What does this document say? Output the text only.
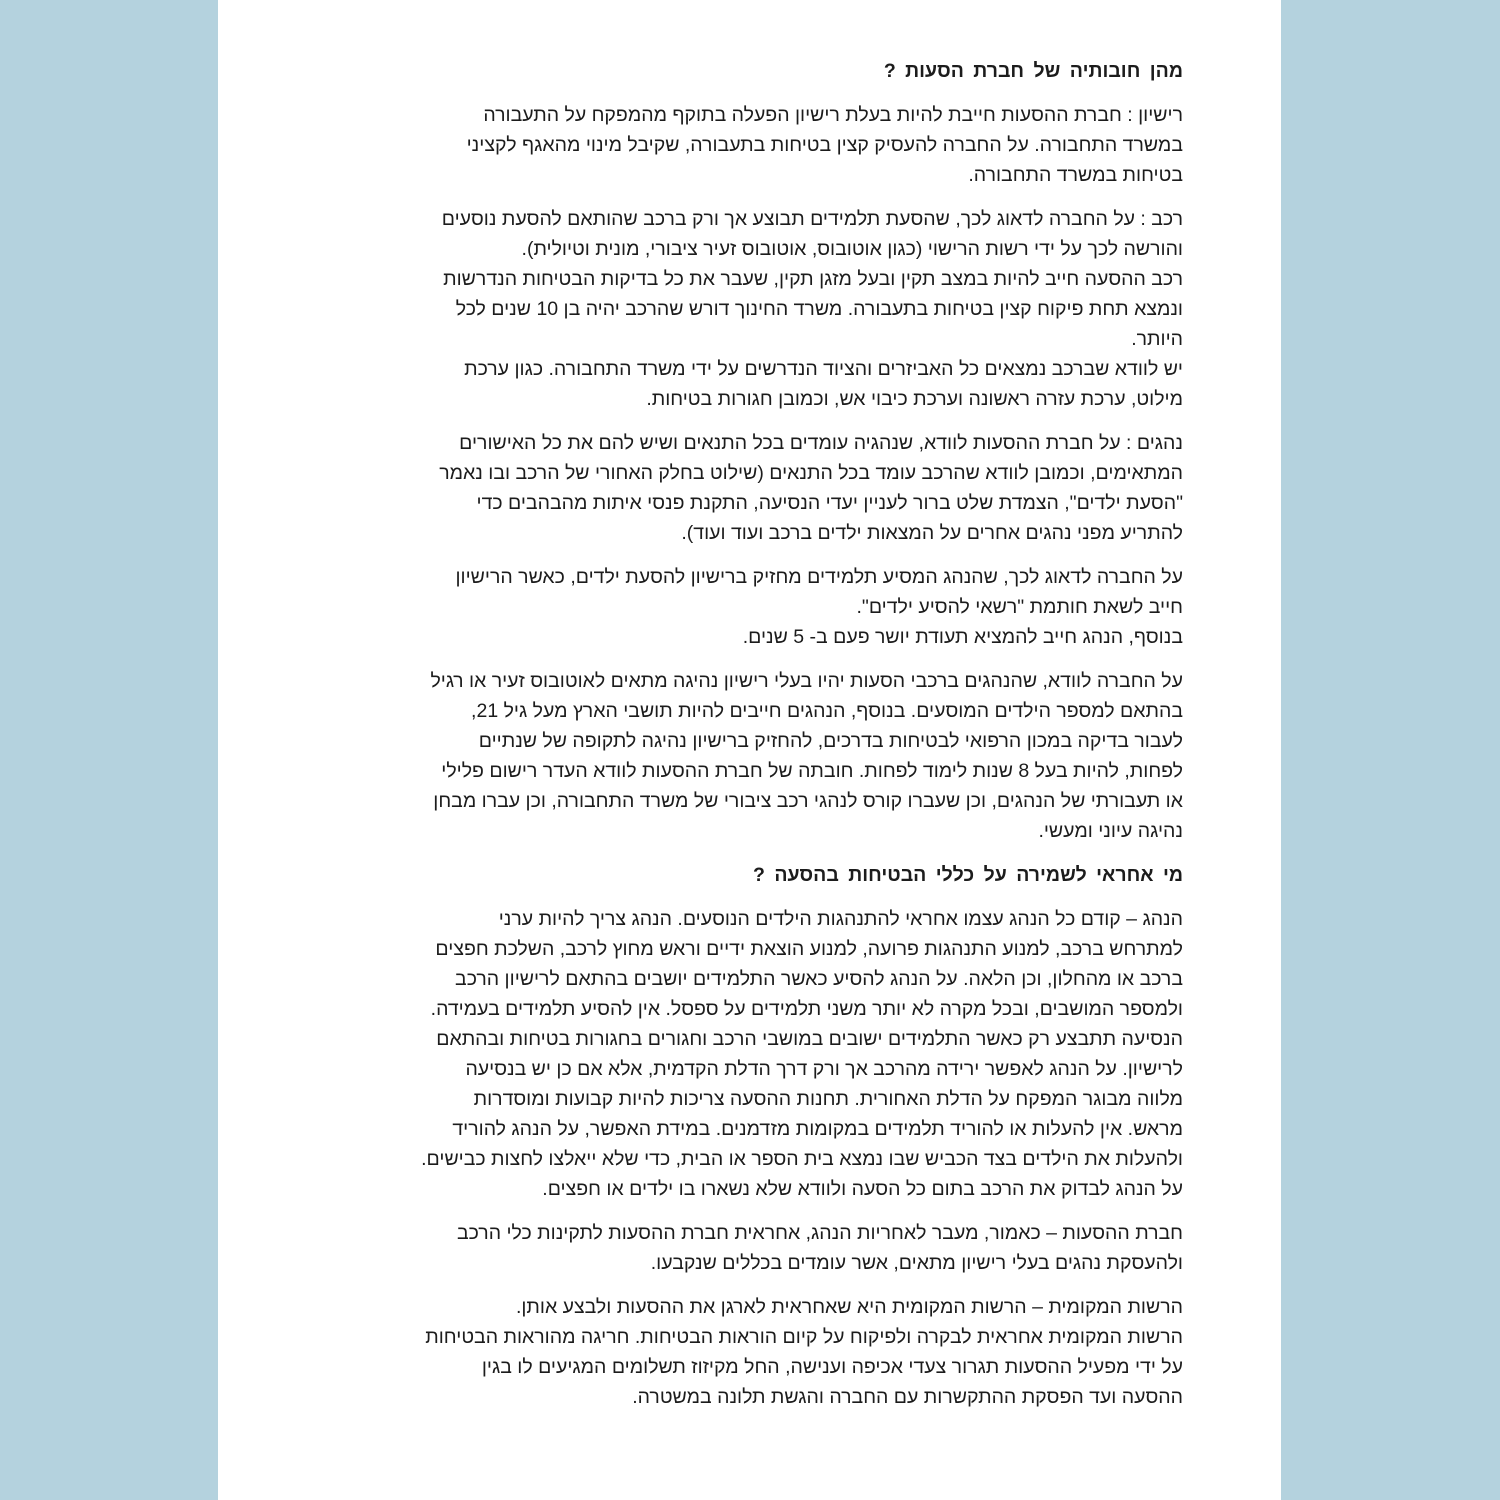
מהן חובותיה של חברת הסעות ?

רישיון : חברת ההסעות חייבת להיות בעלת רישיון הפעלה בתוקף מהמפקח על התעבורה
במשרד התחבורה. על החברה להעסיק קצין בטיחות בתעבורה, שקיבל מינוי מהאגף לקציני
בטיחות במשרד התחבורה.

רכב : על החברה לדאוג לכך, שהסעת תלמידים תבוצע אך ורק ברכב שהותאם להסעת נוסעים
והורשה לכך על ידי רשות הרישוי (כגון אוטובוס, אוטובוס זעיר ציבורי, מונית וטיולית).
רכב ההסעה חייב להיות במצב תקין ובעל מזגן תקין, שעבר את כל בדיקות הבטיחות הנדרשות
ונמצא תחת פיקוח קצין בטיחות בתעבורה. משרד החינוך דורש שהרכב יהיה בן 10 שנים לכל
היותר.
יש לוודא שברכב נמצאים כל האביזרים והציוד הנדרשים על ידי משרד התחבורה. כגון ערכת
מילוט, ערכת עזרה ראשונה וערכת כיבוי אש, וכמובן חגורות בטיחות.

נהגים : על חברת ההסעות לוודא, שנהגיה עומדים בכל התנאים ושיש להם את כל האישורים
המתאימים, וכמובן לוודא שהרכב עומד בכל התנאים (שילוט בחלק האחורי של הרכב ובו נאמר
"הסעת ילדים", הצמדת שלט ברור לעניין יעדי הנסיעה, התקנת פנסי איתות מהבהבים כדי
להתריע מפני נהגים אחרים על המצאות ילדים ברכב ועוד ועוד).

על החברה לדאוג לכך, שהנהג המסיע תלמידים מחזיק ברישיון להסעת ילדים, כאשר הרישיון
חייב לשאת חותמת "רשאי להסיע ילדים".
בנוסף, הנהג חייב להמציא תעודת יושר פעם ב- 5 שנים.

על החברה לוודא, שהנהגים ברכבי הסעות יהיו בעלי רישיון נהיגה מתאים לאוטובוס זעיר או רגיל
בהתאם למספר הילדים המוסעים. בנוסף, הנהגים חייבים להיות תושבי הארץ מעל גיל 21,
לעבור בדיקה במכון הרפואי לבטיחות בדרכים, להחזיק ברישיון נהיגה לתקופה של שנתיים
לפחות, להיות בעל 8 שנות לימוד לפחות. חובתה של חברת ההסעות לוודא העדר רישום פלילי
או תעבורתי של הנהגים, וכן שעברו קורס לנהגי רכב ציבורי של משרד התחבורה, וכן עברו מבחן
נהיגה עיוני ומעשי.

מי אחראי לשמירה על כללי הבטיחות בהסעה ?

הנהג – קודם כל הנהג עצמו אחראי להתנהגות הילדים הנוסעים. הנהג צריך להיות ערני
למתרחש ברכב, למנוע התנהגות פרועה, למנוע הוצאת ידיים וראש מחוץ לרכב, השלכת חפצים
ברכב או מהחלון, וכן הלאה. על הנהג להסיע כאשר התלמידים יושבים בהתאם לרישיון הרכב
ולמספר המושבים, ובכל מקרה לא יותר משני תלמידים על ספסל. אין להסיע תלמידים בעמידה.
הנסיעה תתבצע רק כאשר התלמידים ישובים במושבי הרכב וחגורים בחגורות בטיחות ובהתאם
לרישיון. על הנהג לאפשר ירידה מהרכב אך ורק דרך הדלת הקדמית, אלא אם כן יש בנסיעה
מלווה מבוגר המפקח על הדלת האחורית. תחנות ההסעה צריכות להיות קבועות ומוסדרות
מראש. אין להעלות או להוריד תלמידים במקומות מזדמנים. במידת האפשר, על הנהג להוריד
ולהעלות את הילדים בצד הכביש שבו נמצא בית הספר או הבית, כדי שלא ייאלצו לחצות כבישים.
על הנהג לבדוק את הרכב בתום כל הסעה ולוודא שלא נשארו בו ילדים או חפצים.

חברת ההסעות – כאמור, מעבר לאחריות הנהג, אחראית חברת ההסעות לתקינות כלי הרכב
ולהעסקת נהגים בעלי רישיון מתאים, אשר עומדים בכללים שנקבעו.

הרשות המקומית – הרשות המקומית היא שאחראית לארגן את ההסעות ולבצע אותן.
הרשות המקומית אחראית לבקרה ולפיקוח על קיום הוראות הבטיחות. חריגה מהוראות הבטיחות
על ידי מפעיל ההסעות תגרור צעדי אכיפה וענישה, החל מקיזוז תשלומים המגיעים לו בגין
ההסעה ועד הפסקת ההתקשרות עם החברה והגשת תלונה במשטרה.
